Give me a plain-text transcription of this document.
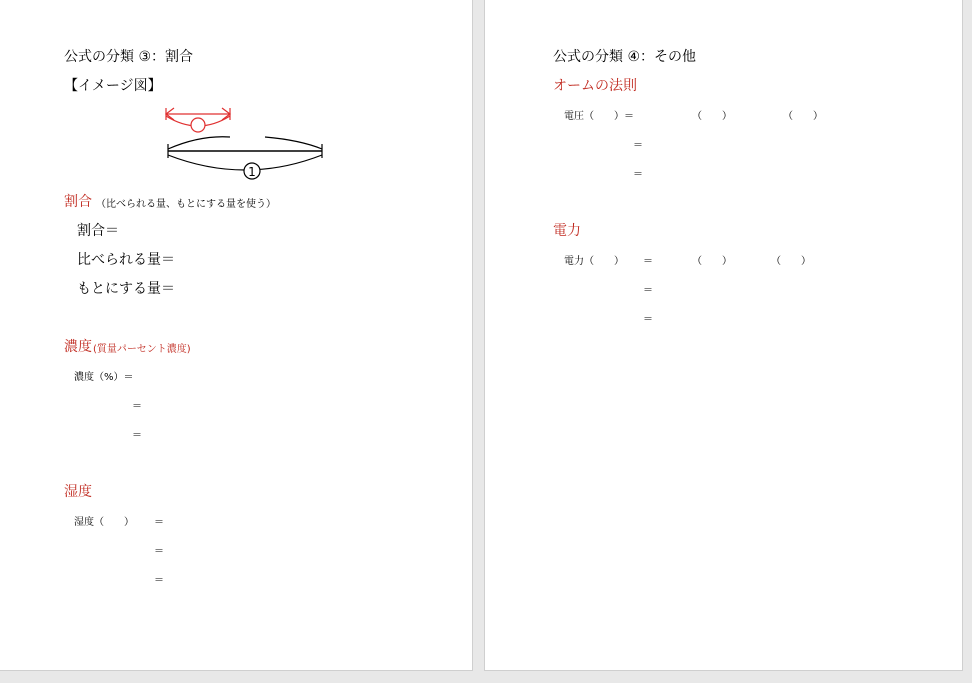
公式の分類 ③：割合
【イメージ図】
1
割合 （比べられる量、もとにする量を使う）
割合＝
比べられる量＝
もとにする量＝
濃度 (質量パーセント濃度)
濃度（%）＝
＝
＝
湿度
湿度（　　） ＝
＝
＝
公式の分類 ④：その他
オームの法則
電圧（　　）＝	（　　）	（　　）
＝
＝
電力
電力（　　） ＝	（　　）	（　　）
＝
＝
